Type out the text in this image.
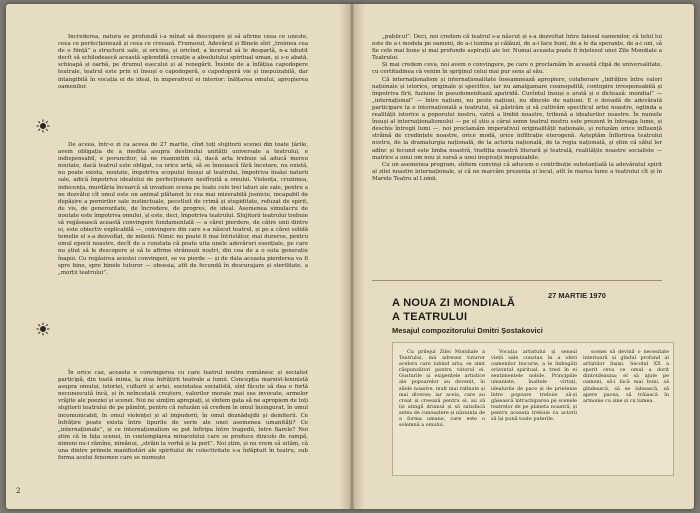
Increderea, natura se profundă i-a mînat să descopere și să afirme ceea ce uneste, ceea ce perfecționează și ceea ce creează. Frumosul, Adevărul și Binele sînt „treimea cea de o ființă” a structurii sale, și oricine, și oricînd, a încercat să le despartă, n-a izbutit decît să schilodească această splendidă creație a absolutului spiritual uman, și s-o abată, schioapă și oarbă, pe drumul eșecului și al renegării. Însinte de a înfățișa capodopere teatrale, teatrul este prin el însuși o capodoperă, o capodoperă vie și inepuizabilă, dar intangibilă în vocația ei de ideal, în imperativul ei interior: înălțarea omului, apropierea oamenilor.

De aceea, într-o zi ca aceea de 27 martie, cînd toți slujitorii scenei din toate țările, avem obligația de a medita asupra destinului unității universale a teatrului, e indispensabil, e poruncitor, să ne reamintim că, dacă arta trebuie să aducă mereu noutate, dacă teatrul este obligat, ca orice artă, să se înnoiască fără încetare, nu există, nu poate exista, noutate, împotriva scopului însuși al teatrului, împotriva însăși naturii sale, adică împotriva idealului de perfecționare nesfîrșită a omului. Violența, cruzimea, indecența, murdăria încearcă să invadeze scena pe toate cele trei laturi ale sale, pentru a ne dezvălui cît omul este un animal plătanot în cea mai mizerabilă josnicie, incapabil de depășire a pornirilor sale instinctuale, pecetluit de crimă și stupiditate, refuzat de spirit, de vis, de generozitate, de încredere, de progres, de ideal. Asemenea simulacru de noutate este împotriva omului, și este, deci, împotriva teatrului. Slujitorii teatrului trebuie să regăsească această convingere fundamentală — a cărei pierdere, de către unii dintre ei, este obiectiv explicabilă —, convingere din care s-a născut teatrul, și pe a cărei solidă temelie el s-a dezvoltat, de milenii. Nimic nu poate fi mai întristător, mai dureros, pentru omul epocii noastre, decît de a constata că poate uita unele adevăruri esențiale, pe care nu știut să le descopere și să le afirme strămoșii noștri, din cea de a o suta generație înapoi. Cu regăsirea acestei convingeri, se va pierde — și de data aceasta pierderea va fi spre bine, spre binele tuturor — obsesia, atît de fecundă în descurajare și sterilitate, a „morții teatrului”.

În orice caz, aceasta e convingerea cu care teatrul nostru românesc și socialist participă, din toată inima, la ziua înfrățirii teatrale a lumii. Concepția marxist-leninistă asupra omului, istoriei, culturii și artei, societatea socialistă, sînt făcute să dea o fortă necunoscută încă, și în neîncetată creștere, valorilor morale mai sus invocate, armelor vrăjite ale poeziei și scenei. Noi ne simțim apropiați, și sîntem gata să ne apropiem de toți slujitorii teatrului de pe pămînt, pentru că refuzăm să credem în omul însingurat, în omul incomunicabil, în omul violenței și al impudorii, în omul deznădejdii și demiterii. Ce înfrățire poate exista între tipurile de serie ale unei asemenea umanități? Ce „internaționale”, și ce internaționalism se pot înfiripa între tragedii, între fiarele? Noi știm că în fața scenei, în contemplarea miracolului care se produce dincolo de rampă, nimeni nu-i rămîne, nimănui, „străin la vorbă și la port”. Noi știm, și nu vrem să uităm, că una dintre primele manifestări ale spiritului de colectivitate s-a înfăptuit în teatru, sub forma acelui fenomen care se numește

2

„publicul”. Deci, noi credem că teatrul s-a născut și s-a dezvoltat între falosul oamenilor, că telul lui este de a-i modela pe oameni, de a-i lumina și călăuzi, de a-i face buni, de a le da speranțe, de a-i uni, să fie cele mai bune și mai profunde aspirații ale lor. Numai aceasta poate fi înțelesul unei Zile Mondiale a Teatrului.

Și mai credem ceva, noi avem o convingere, pe care o proclamăm în această clipă de universalitate, cu certitudinea că venim în sprijinul celui mai pur sens al său.

Că internaționalism și internaționalitate înseamnează apropiere, colaborare „înfrățire între valori naționale și istorice, originale și specifice, iar nu amalgamare cosmopolită, contopire irresponsabilă și împotriva firii, fuziune în pseudomenfoază apatridă. Cuvîntul însuși o arată și o dictează: mondial” — „internațional” — între națiuni, nu peste națiuni, nu dincolo de națiuni. E o dovadă de adevărată participare la o internațională a teatrului, să păstrăm și să cultivăm specificul artei noastre, oglinda a realității istorice a poporului nostru, vatră a limbii noastre, tribună a idealurilor noastre. În numele însuși al internaționalismului — pe el știu a cărui semn teatrul nostru este prezent în întreaga lume, și deschis întregii lumi —, noi proclamăm imperativul originalității naționale, și refuzăm orice influență străină de credințele noastre, orice modă, orice infiltrație eterogenă. Așteptăm înflorirea teatrului nostru, de la dramaturgia națională, de la actoria națională, de la regia națională, și știm că sălul lor adînc și fecund este limba noastră, tradiția noastră literară și teatrală, realitățile noastre socialiste — matrice a unui om nou și sursă a unei inspirații inepuizabile.

Cu un asemenea program, sîntem convinși că aducem o contribuție substanțială la adevăratul spirit al zilei noastre internaționale, și că ne marcăm prezența și locul, atît în marea lume a teatrului cît și în Marele Teatru al Lumii.

A NOUA ZI MONDIALĂ
A TEATRULUI
27 MARTIE 1970
Mesajul compozitorului Dmitri Șostakovici

Cu prilejul Zilei Mondiale a Teatrului, mă adresez tuturor acelora care iubind arta, se simt răspunzători pentru viitorul ei. Gusturile și exigențele artistice ale popoarelor au devenit, în zilele noastre, mult mai rafinate și mai diverse; iar aceia, care au creat și creează pentru ei, au să își atingă drumul și să satisfacă setea de cunoaștere și năzuința de a forma umane, care este o solemnă a omului.

Vocația artistului și sensul vieții sale constau în a oferi oamenilor bucurie, a le îmbogăți orizontul spiritual, a trezi în ei sentimentele nobile. Principiile umaniste, înaltele virtuți, idealurile de pace și de prietenie între popoare trebuie să-și găsească întruchiparea pe scenele teatrelor de pe planeta noastră, și pentru aceasta trebuie ca actorii să își pună toate puterile.

scenei să devină o necesitate interioară și gîndul profund al artiștilor înșiși. Secolul XX a sporit ceva ce omul a dorit dintotdeauna; el să ajute pe oameni, să-i facă mai buni, să gîndească, să se iubească, să apere pacea, să trăiască în armonie cu sine și cu lumea.
